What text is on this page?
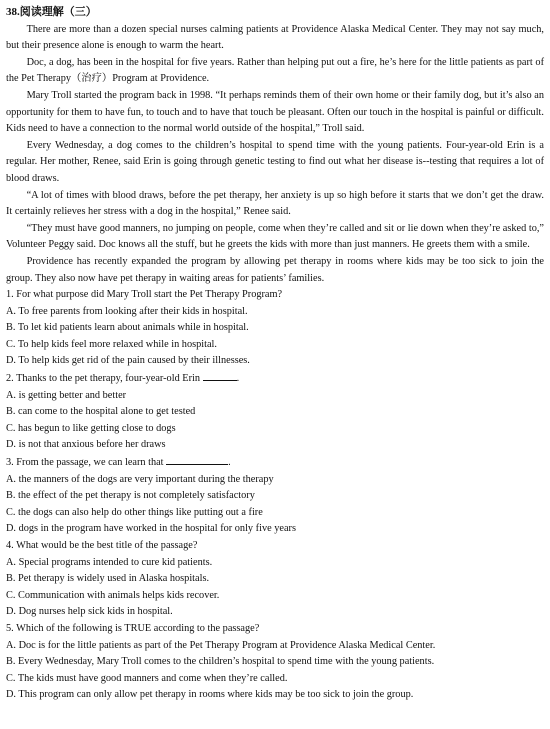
38.阅读理解（三）

There are more than a dozen special nurses calming patients at Providence Alaska Medical Center. They may not say much, but their presence alone is enough to warm the heart.

Doc, a dog, has been in the hospital for five years. Rather than helping put out a fire, he’s here for the little patients as part of the Pet Therapy（治疗）Program at Providence.

Mary Troll started the program back in 1998. “It perhaps reminds them of their own home or their family dog, but it’s also an opportunity for them to have fun, to touch and to have that touch be pleasant. Often our touch in the hospital is painful or difficult. Kids need to have a connection to the normal world outside of the hospital,” Troll said.

Every Wednesday, a dog comes to the children’s hospital to spend time with the young patients. Four-year-old Erin is a regular. Her mother, Renee, said Erin is going through genetic testing to find out what her disease is--testing that requires a lot of blood draws.

“A lot of times with blood draws, before the pet therapy, her anxiety is up so high before it starts that we don’t get the draw. It certainly relieves her stress with a dog in the hospital,” Renee said.

“They must have good manners, no jumping on people, come when they’re called and sit or lie down when they’re asked to,” Volunteer Peggy said. Doc knows all the stuff, but he greets the kids with more than just manners. He greets them with a smile.

Providence has recently expanded the program by allowing pet therapy in rooms where kids may be too sick to join the group. They also now have pet therapy in waiting areas for patients’ families.

1. For what purpose did Mary Troll start the Pet Therapy Program?

A. To free parents from looking after their kids in hospital.

B. To let kid patients learn about animals while in hospital.

C. To help kids feel more relaxed while in hospital.

D. To help kids get rid of the pain caused by their illnesses.

2. Thanks to the pet therapy, four-year-old Erin	.

A. is getting better and better

B. can come to the hospital alone to get tested

C. has begun to like getting close to dogs

D. is not that anxious before her draws

3. From the passage, we can learn that	.

A. the manners of the dogs are very important during the therapy

B. the effect of the pet therapy is not completely satisfactory

C. the dogs can also help do other things like putting out a fire

D. dogs in the program have worked in the hospital for only five years

4. What would be the best title of the passage?

A. Special programs intended to cure kid patients.

B. Pet therapy is widely used in Alaska hospitals.

C. Communication with animals helps kids recover.

D. Dog nurses help sick kids in hospital.

5. Which of the following is TRUE according to the passage?

A. Doc is for the little patients as part of the Pet Therapy Program at Providence Alaska Medical Center.

B. Every Wednesday, Mary Troll comes to the children’s hospital to spend time with the young patients.

C. The kids must have good manners and come when they’re called.

D. This program can only allow pet therapy in rooms where kids may be too sick to join the group.
